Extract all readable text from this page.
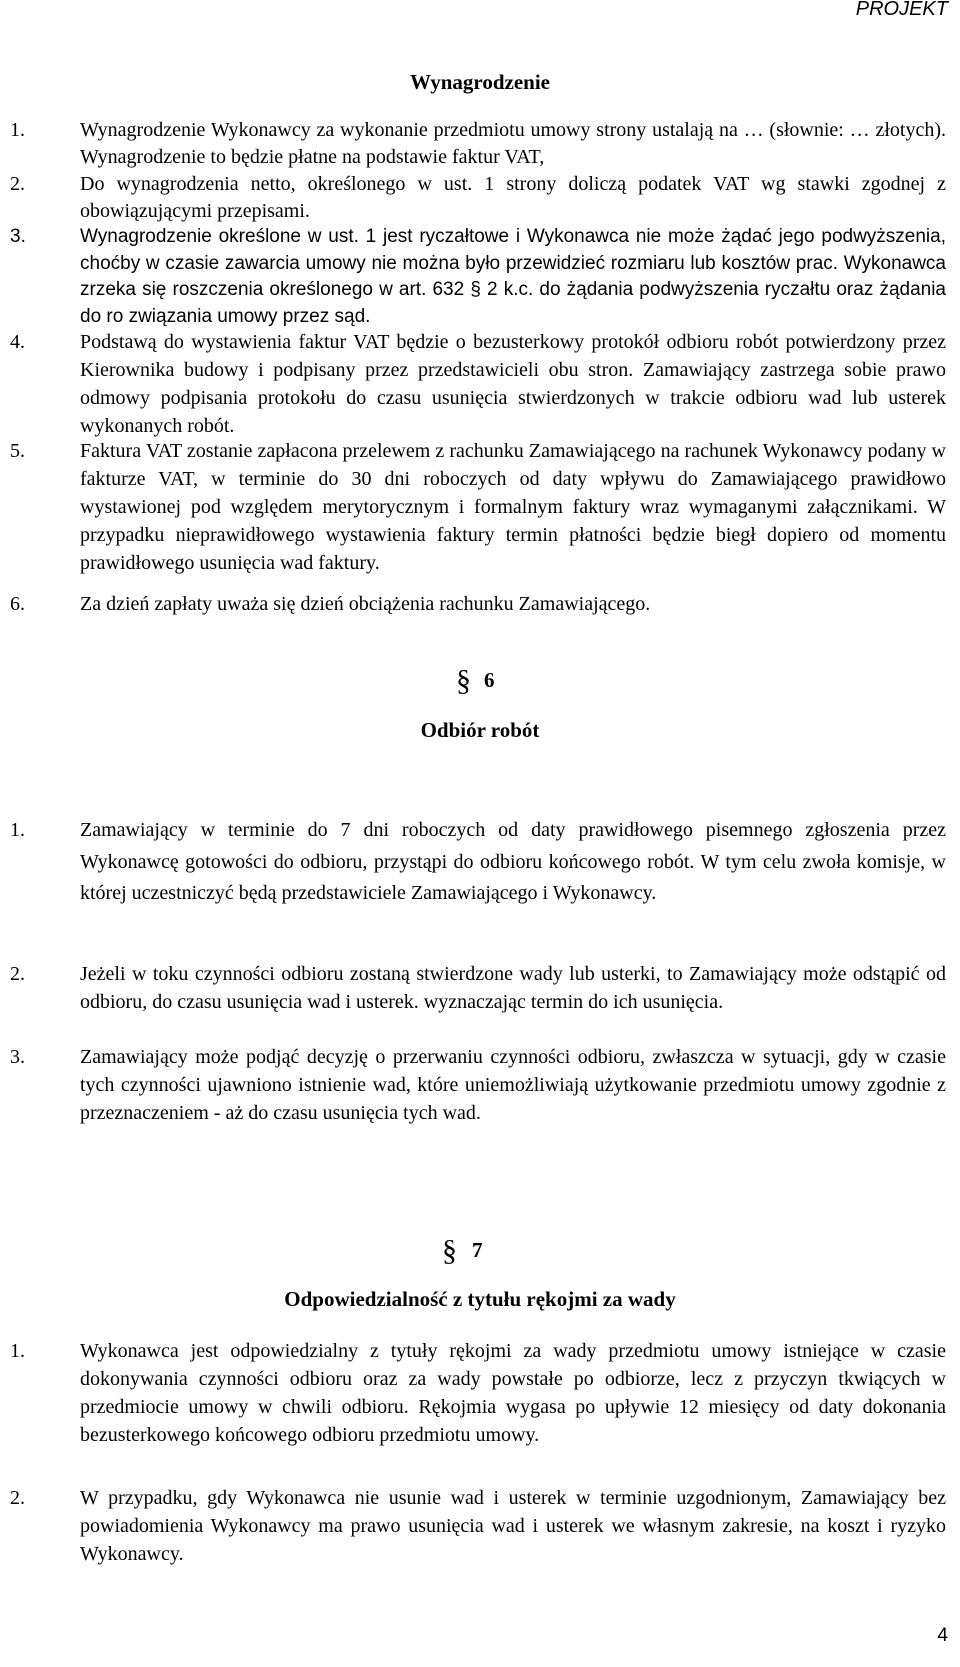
PROJEKT
Wynagrodzenie
1.	Wynagrodzenie Wykonawcy za wykonanie przedmiotu umowy strony ustalają na … (słownie: … złotych). Wynagrodzenie to będzie płatne na podstawie faktur VAT,
2.	Do wynagrodzenia netto, określonego w ust. 1 strony doliczą podatek VAT wg stawki zgodnej z obowiązującymi przepisami.
3.	Wynagrodzenie określone w ust. 1 jest ryczałtowe i Wykonawca nie może żądać jego podwyższenia, choćby w czasie zawarcia umowy nie można było przewidzieć rozmiaru lub kosztów prac. Wykonawca zrzeka się roszczenia określonego w art. 632 § 2 k.c. do żądania podwyższenia ryczałtu oraz żądania do ro związania umowy przez sąd.
4.	Podstawą do wystawienia faktur VAT będzie o bezusterkowy protokół odbioru robót potwierdzony przez Kierownika budowy i podpisany przez przedstawicieli obu stron. Zamawiający zastrzega sobie prawo odmowy podpisania protokołu do czasu usunięcia stwierdzonych w trakcie odbioru wad lub usterek wykonanych robót.
5.	Faktura VAT zostanie zapłacona przelewem z rachunku Zamawiającego na rachunek Wykonawcy podany w fakturze VAT, w terminie do 30 dni roboczych od daty wpływu do Zamawiającego prawidłowo wystawionej pod względem merytorycznym i formalnym faktury wraz wymaganymi załącznikami. W przypadku nieprawidłowego wystawienia faktury termin płatności będzie biegł dopiero od momentu prawidłowego usunięcia wad faktury.
6.	Za dzień zapłaty uważa się dzień obciążenia rachunku Zamawiającego.
§ 6
Odbiór robót
1.	Zamawiający w terminie do 7 dni roboczych od daty prawidłowego pisemnego zgłoszenia przez Wykonawcę gotowości do odbioru, przystąpi do odbioru końcowego robót. W tym celu zwoła komisje, w której uczestniczyć będą przedstawiciele Zamawiającego i Wykonawcy.
2.	Jeżeli w toku czynności odbioru zostaną stwierdzone wady lub usterki, to Zamawiający może odstąpić od odbioru, do czasu usunięcia wad i usterek. wyznaczając termin do ich usunięcia.
3.	Zamawiający może podjąć decyzję o przerwaniu czynności odbioru, zwłaszcza w sytuacji, gdy w czasie tych czynności ujawniono istnienie wad, które uniemożliwiają użytkowanie przedmiotu umowy zgodnie z przeznaczeniem - aż do czasu usunięcia tych wad.
§ 7
Odpowiedzialność z tytułu rękojmi za wady
1.	Wykonawca jest odpowiedzialny z tytuły rękojmi za wady przedmiotu umowy istniejące w czasie dokonywania czynności odbioru oraz za wady powstałe po odbiorze, lecz z przyczyn tkwiących w przedmiocie umowy w chwili odbioru. Rękojmia wygasa po upływie 12 miesięcy od daty dokonania bezusterkowego końcowego odbioru przedmiotu umowy.
2.	W przypadku, gdy Wykonawca nie usunie wad i usterek w terminie uzgodnionym, Zamawiający bez powiadomienia Wykonawcy ma prawo usunięcia wad i usterek we własnym zakresie, na koszt i ryzyko Wykonawcy.
4
